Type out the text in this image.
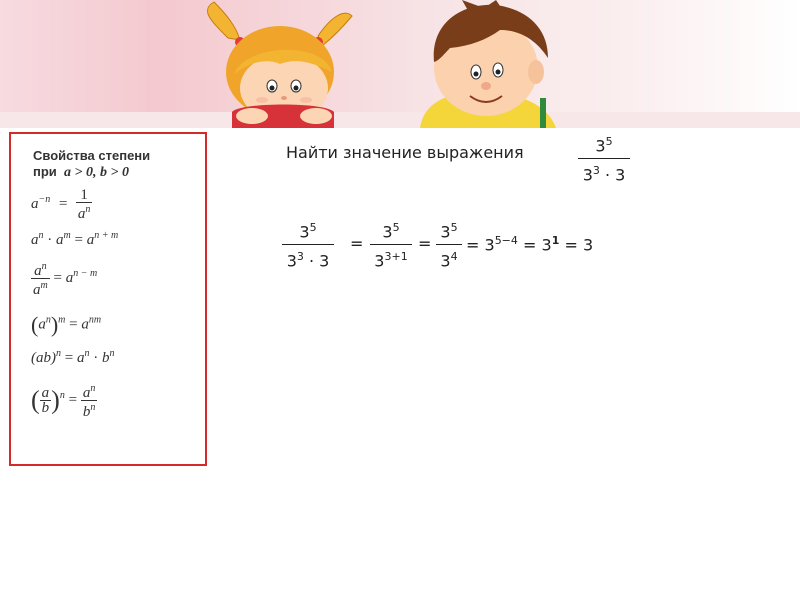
Свойства степени
при a > 0, b > 0
$a^{-n} = \frac{1}{a^n}$
$a^n \cdot a^m = a^{n + m}$
$\frac{a^n}{a^m} = a^{n - m}$
$(a^n)^m = a^{nm}$
$(ab)^n = a^n \cdot b^n$
( $\frac{a}{b} )^n = \frac{a^n}{b^n}$
Найти значение выражения	$3^5$
$3^3 \cdot 3$
$3^5$
$3^3 \cdot 3$
=
$3^5$
$3^{3+1}$
=
$3^5$
$3^4$
= $3^{5-4} = 3^1 = 3$
